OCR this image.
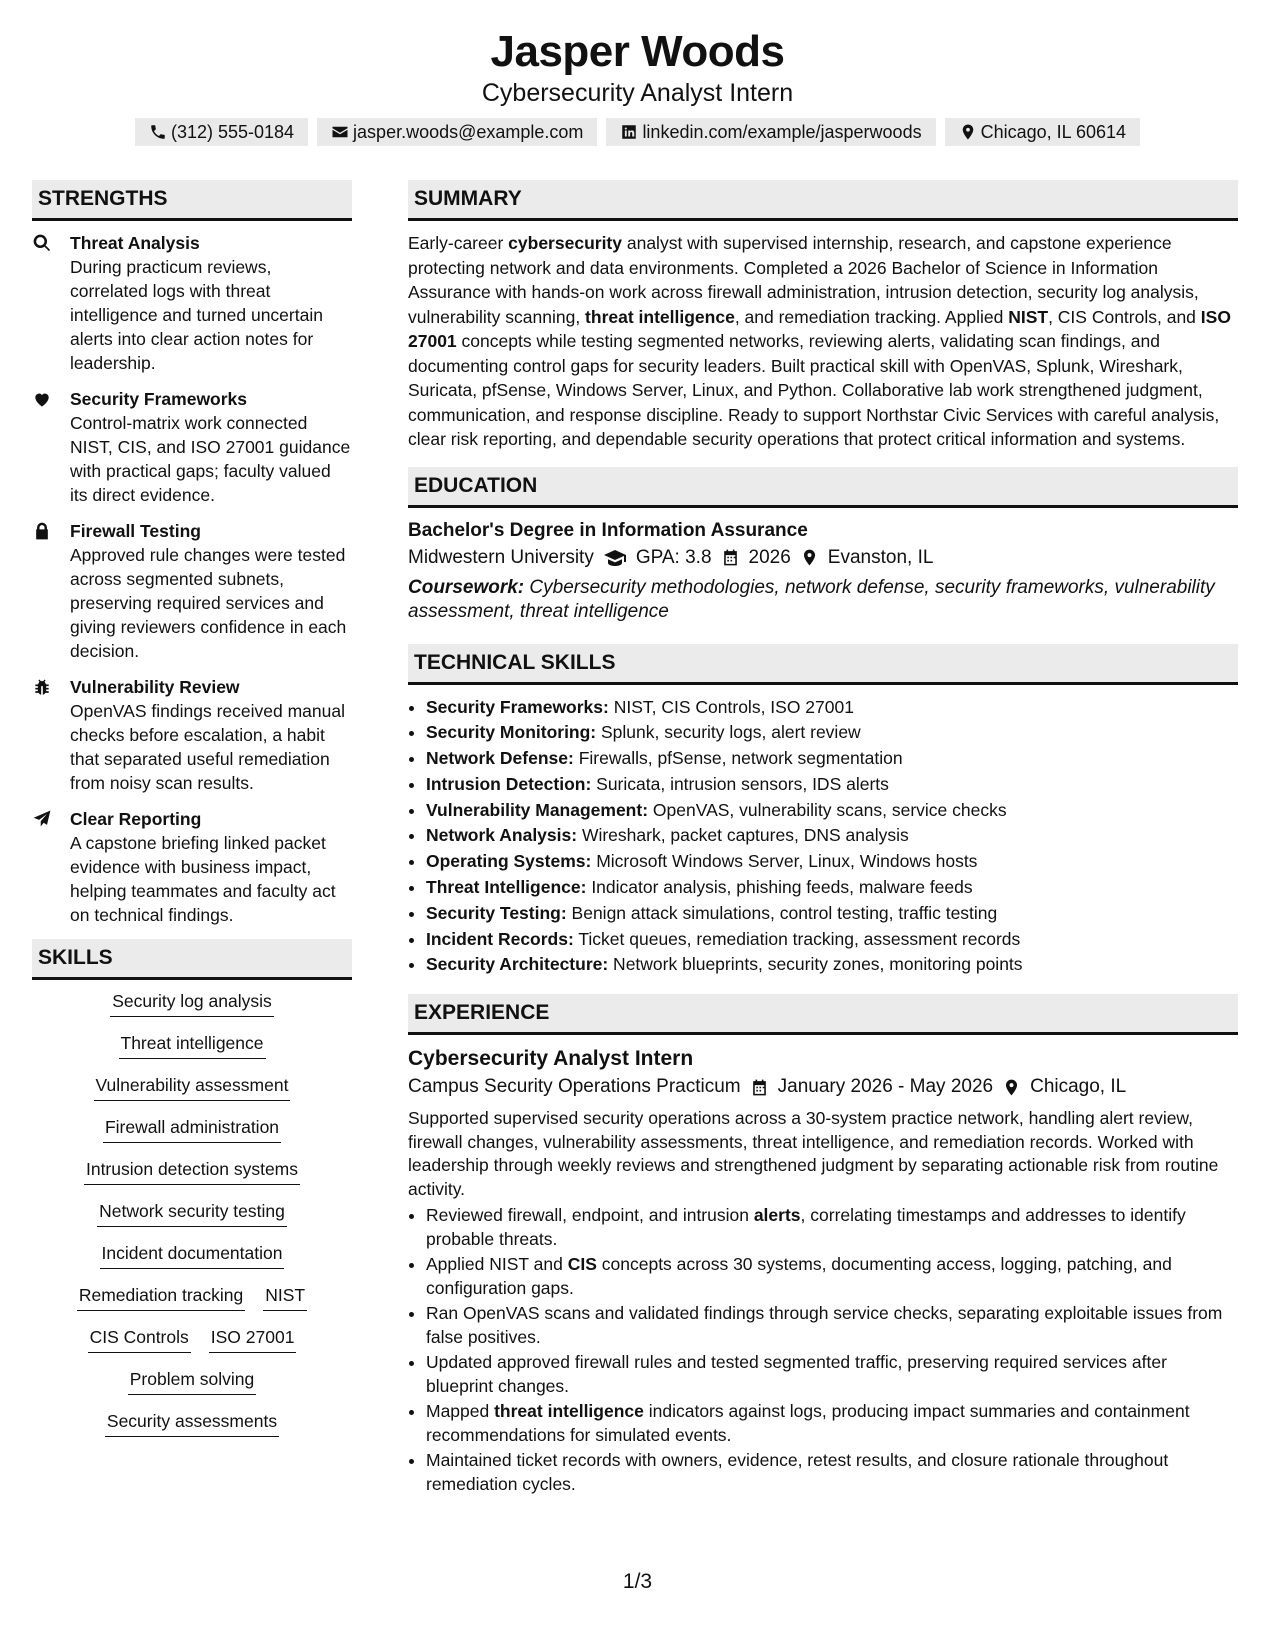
Jasper Woods
Cybersecurity Analyst Intern
(312) 555-0184	jasper.woods@example.com	linkedin.com/example/jasperwoods	Chicago, IL 60614
STRENGTHS
Threat Analysis
During practicum reviews, correlated logs with threat intelligence and turned uncertain alerts into clear action notes for leadership.
Security Frameworks
Control-matrix work connected NIST, CIS, and ISO 27001 guidance with practical gaps; faculty valued its direct evidence.
Firewall Testing
Approved rule changes were tested across segmented subnets, preserving required services and giving reviewers confidence in each decision.
Vulnerability Review
OpenVAS findings received manual checks before escalation, a habit that separated useful remediation from noisy scan results.
Clear Reporting
A capstone briefing linked packet evidence with business impact, helping teammates and faculty act on technical findings.
SKILLS
Security log analysis
Threat intelligence
Vulnerability assessment
Firewall administration
Intrusion detection systems
Network security testing
Incident documentation
Remediation tracking NIST
CIS Controls ISO 27001
Problem solving
Security assessments
SUMMARY

Early-career cybersecurity analyst with supervised internship, research, and capstone experience protecting network and data environments. Completed a 2026 Bachelor of Science in Information Assurance with hands-on work across firewall administration, intrusion detection, security log analysis, vulnerability scanning, threat intelligence, and remediation tracking. Applied NIST, CIS Controls, and ISO 27001 concepts while testing segmented networks, reviewing alerts, validating scan findings, and documenting control gaps for security leaders. Built practical skill with OpenVAS, Splunk, Wireshark, Suricata, pfSense, Windows Server, Linux, and Python. Collaborative lab work strengthened judgment, communication, and response discipline. Ready to support Northstar Civic Services with careful analysis, clear risk reporting, and dependable security operations that protect critical information and systems.

EDUCATION
Bachelor's Degree in Information Assurance
Midwestern University GPA: 3.8 2026 Evanston, IL
Coursework: Cybersecurity methodologies, network defense, security frameworks, vulnerability assessment, threat intelligence
TECHNICAL SKILLS
• Security Frameworks: NIST, CIS Controls, ISO 27001
• Security Monitoring: Splunk, security logs, alert review
• Network Defense: Firewalls, pfSense, network segmentation
• Intrusion Detection: Suricata, intrusion sensors, IDS alerts
• Vulnerability Management: OpenVAS, vulnerability scans, service checks
• Network Analysis: Wireshark, packet captures, DNS analysis
• Operating Systems: Microsoft Windows Server, Linux, Windows hosts
• Threat Intelligence: Indicator analysis, phishing feeds, malware feeds
• Security Testing: Benign attack simulations, control testing, traffic testing
• Incident Records: Ticket queues, remediation tracking, assessment records
• Security Architecture: Network blueprints, security zones, monitoring points
EXPERIENCE
Cybersecurity Analyst Intern
Campus Security Operations Practicum January 2026 - May 2026 Chicago, IL

Supported supervised security operations across a 30-system practice network, handling alert review, firewall changes, vulnerability assessments, threat intelligence, and remediation records. Worked with leadership through weekly reviews and strengthened judgment by separating actionable risk from routine activity.

• Reviewed firewall, endpoint, and intrusion alerts, correlating timestamps and addresses to identify probable threats.
• Applied NIST and CIS concepts across 30 systems, documenting access, logging, patching, and configuration gaps.
• Ran OpenVAS scans and validated findings through service checks, separating exploitable issues from false positives.
• Updated approved firewall rules and tested segmented traffic, preserving required services after blueprint changes.
• Mapped threat intelligence indicators against logs, producing impact summaries and containment recommendations for simulated events.
• Maintained ticket records with owners, evidence, retest results, and closure rationale throughout remediation cycles.
1/3
